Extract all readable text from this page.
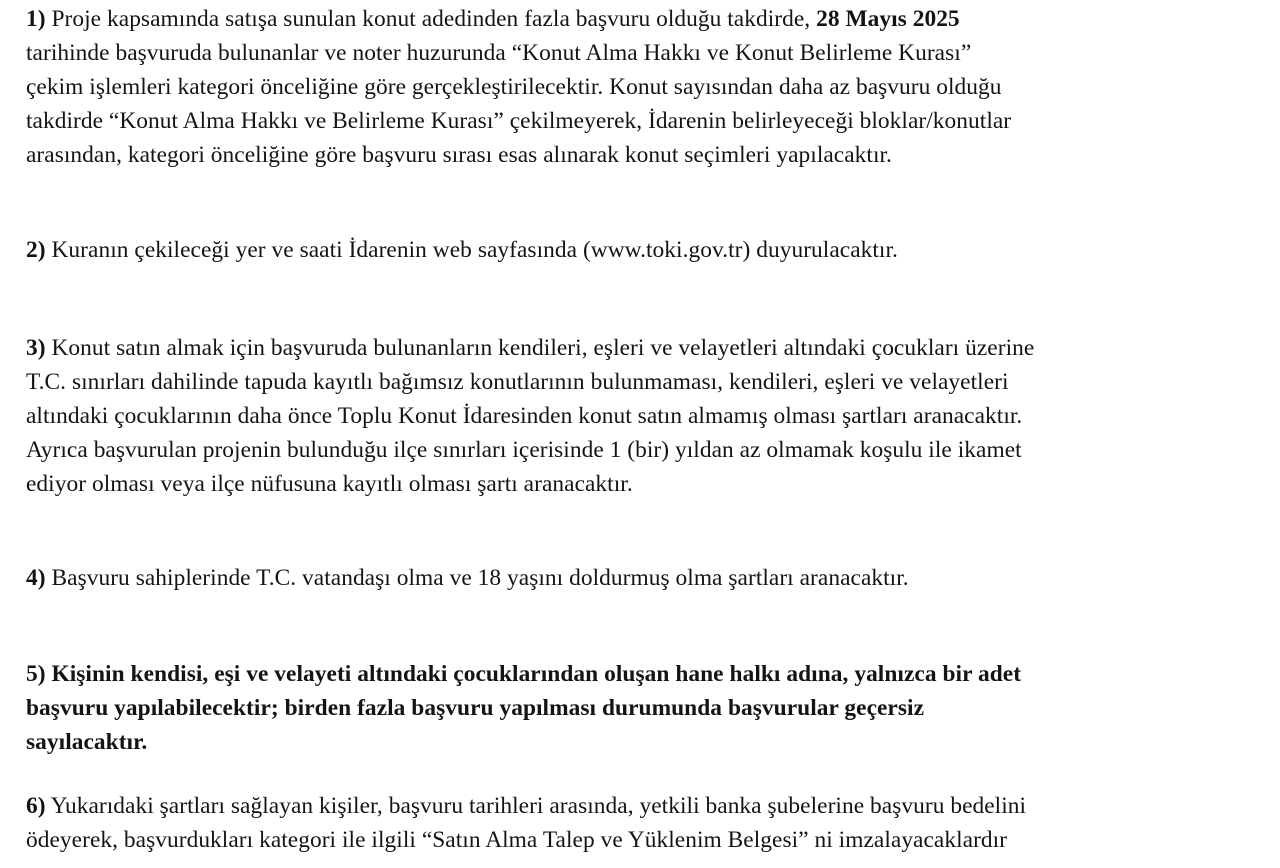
1) Proje kapsamında satışa sunulan konut adedinden fazla başvuru olduğu takdirde, 28 Mayıs 2025
tarihinde başvuruda bulunanlar ve noter huzurunda “Konut Alma Hakkı ve Konut Belirleme Kurası”
çekim işlemleri kategori önceliğine göre gerçekleştirilecektir. Konut sayısından daha az başvuru olduğu
takdirde “Konut Alma Hakkı ve Belirleme Kurası” çekilmeyerek, İdarenin belirleyeceği bloklar/konutlar
arasından, kategori önceliğine göre başvuru sırası esas alınarak konut seçimleri yapılacaktır.

2) Kuranın çekileceği yer ve saati İdarenin web sayfasında (www.toki.gov.tr) duyurulacaktır.

3) Konut satın almak için başvuruda bulunanların kendileri, eşleri ve velayetleri altındaki çocukları üzerine
T.C. sınırları dahilinde tapuda kayıtlı bağımsız konutlarının bulunmaması, kendileri, eşleri ve velayetleri
altındaki çocuklarının daha önce Toplu Konut İdaresinden konut satın almamış olması şartları aranacaktır.
Ayrıca başvurulan projenin bulunduğu ilçe sınırları içerisinde 1 (bir) yıldan az olmamak koşulu ile ikamet
ediyor olması veya ilçe nüfusuna kayıtlı olması şartı aranacaktır.

4) Başvuru sahiplerinde T.C. vatandaşı olma ve 18 yaşını doldurmuş olma şartları aranacaktır.

5) Kişinin kendisi, eşi ve velayeti altındaki çocuklarından oluşan hane halkı adına, yalnızca bir adet
başvuru yapılabilecektir; birden fazla başvuru yapılması durumunda başvurular geçersiz
sayılacaktır.

6) Yukarıdaki şartları sağlayan kişiler, başvuru tarihleri arasında, yetkili banka şubelerine başvuru bedelini
ödeyerek, başvurdukları kategori ile ilgili “Satın Alma Talep ve Yüklenim Belgesi” ni imzalayacaklardır
